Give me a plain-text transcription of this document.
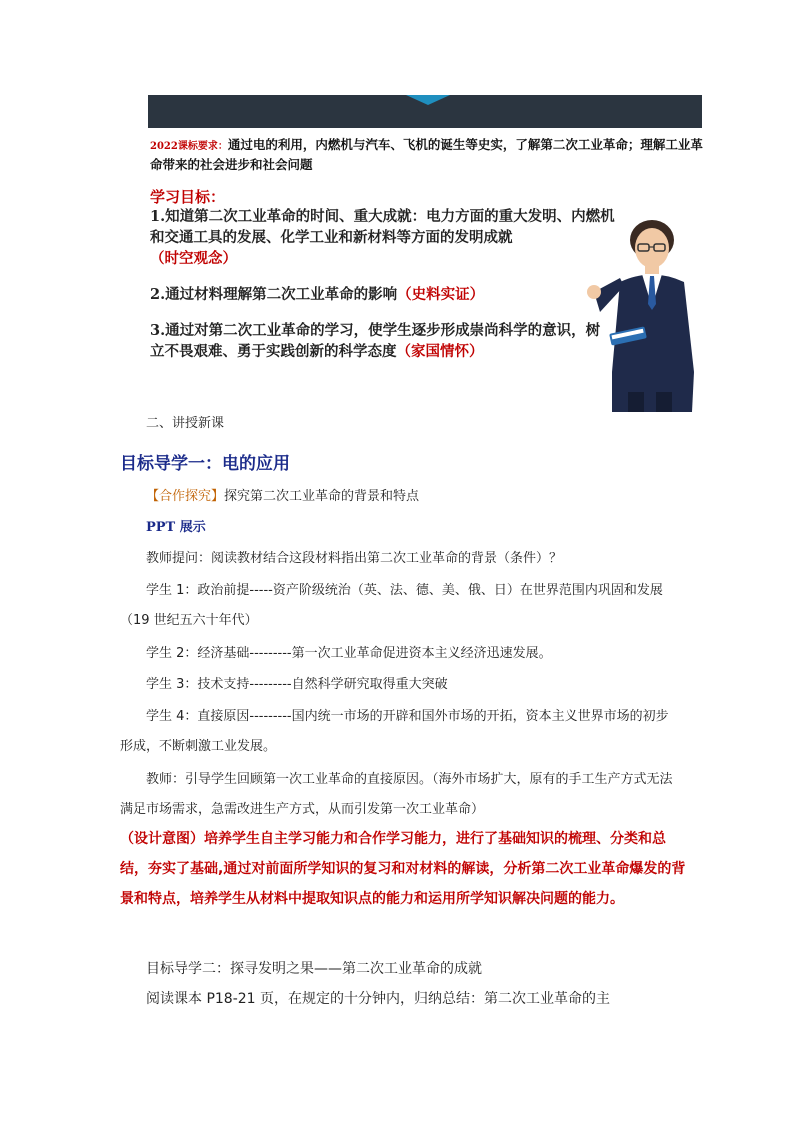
2022课标要求：通过电的利用，内燃机与汽车、飞机的诞生等史实，了解第二次工业革命；理解工业革命带来的社会进步和社会问题
学习目标：
1.知道第二次工业革命的时间、重大成就：电力方面的重大发明、内燃机和交通工具的发展、化学工业和新材料等方面的发明成就
（时空观念）
2.通过材料理解第二次工业革命的影响（史料实证）
3.通过对第二次工业革命的学习，使学生逐步形成崇尚科学的意识，树立不畏艰难、勇于实践创新的科学态度（家国情怀）
二、讲授新课
目标导学一：电的应用
【合作探究】探究第二次工业革命的背景和特点
PPT 展示
教师提问：阅读教材结合这段材料指出第二次工业革命的背景（条件）？
学生 1：政治前提-----资产阶级统治（英、法、德、美、俄、日）在世界范围内巩固和发展（19 世纪五六十年代）
学生 2：经济基础---------第一次工业革命促进资本主义经济迅速发展。
学生 3：技术支持---------自然科学研究取得重大突破
学生 4：直接原因---------国内统一市场的开辟和国外市场的开拓，资本主义世界市场的初步形成，不断刺激工业发展。
教师：引导学生回顾第一次工业革命的直接原因。（海外市场扩大，原有的手工生产方式无法满足市场需求，急需改进生产方式，从而引发第一次工业革命）
（设计意图）培养学生自主学习能力和合作学习能力，进行了基础知识的梳理、分类和总结，夯实了基础,通过对前面所学知识的复习和对材料的解读，分析第二次工业革命爆发的背景和特点，培养学生从材料中提取知识点的能力和运用所学知识解决问题的能力。
目标导学二：探寻发明之果——第二次工业革命的成就
阅读课本 P18-21 页，在规定的十分钟内，归纳总结：第二次工业革命的主
